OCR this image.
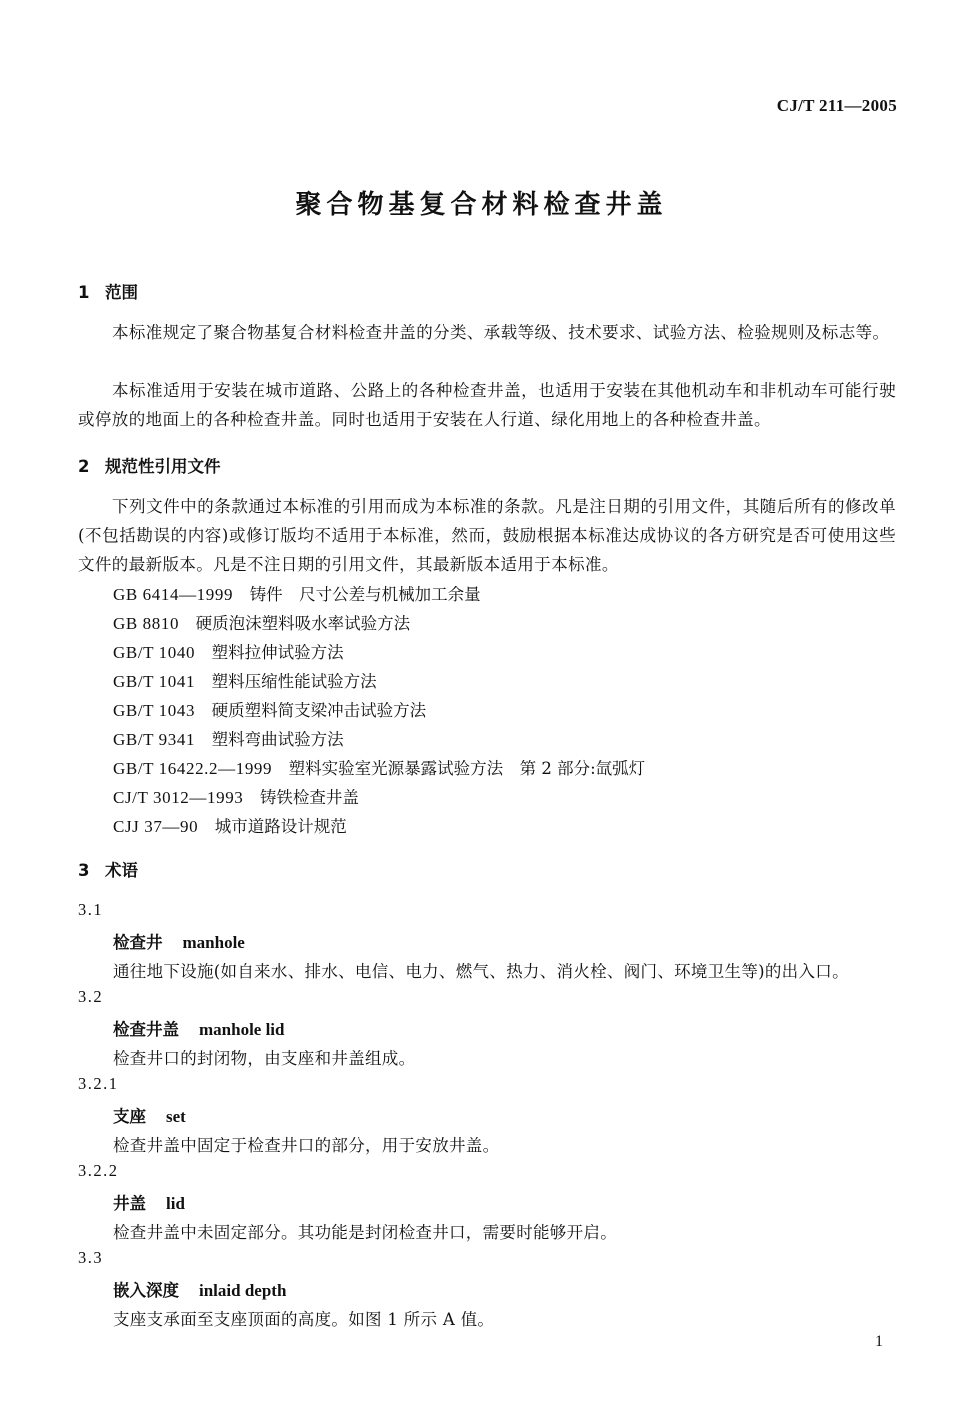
CJ/T 211—2005
聚合物基复合材料检查井盖
1 范围
本标准规定了聚合物基复合材料检查井盖的分类、承载等级、技术要求、试验方法、检验规则及标志等。
本标准适用于安装在城市道路、公路上的各种检查井盖，也适用于安装在其他机动车和非机动车可能行驶或停放的地面上的各种检查井盖。同时也适用于安装在人行道、绿化用地上的各种检查井盖。
2 规范性引用文件
下列文件中的条款通过本标准的引用而成为本标准的条款。凡是注日期的引用文件，其随后所有的修改单(不包括勘误的内容)或修订版均不适用于本标准，然而，鼓励根据本标准达成协议的各方研究是否可使用这些文件的最新版本。凡是不注日期的引用文件，其最新版本适用于本标准。
GB 6414—1999　 铸件　尺寸公差与机械加工余量
GB 8810　 硬质泡沫塑料吸水率试验方法
GB/T 1040　 塑料拉伸试验方法
GB/T 1041　 塑料压缩性能试验方法
GB/T 1043　 硬质塑料简支梁冲击试验方法
GB/T 9341　 塑料弯曲试验方法
GB/T 16422.2—1999　 塑料实验室光源暴露试验方法　第 2 部分:氙弧灯
CJ/T 3012—1993　 铸铁检查井盖
CJJ 37—90　 城市道路设计规范
3 术语
3.1
检查井 manhole
通往地下设施(如自来水、排水、电信、电力、燃气、热力、消火栓、阀门、环境卫生等)的出入口。
3.2
检查井盖 manhole lid
检查井口的封闭物，由支座和井盖组成。
3.2.1
支座 set
检查井盖中固定于检查井口的部分，用于安放井盖。
3.2.2
井盖 lid
检查井盖中未固定部分。其功能是封闭检查井口，需要时能够开启。
3.3
嵌入深度 inlaid depth
支座支承面至支座顶面的高度。如图 1 所示 A 值。
1
